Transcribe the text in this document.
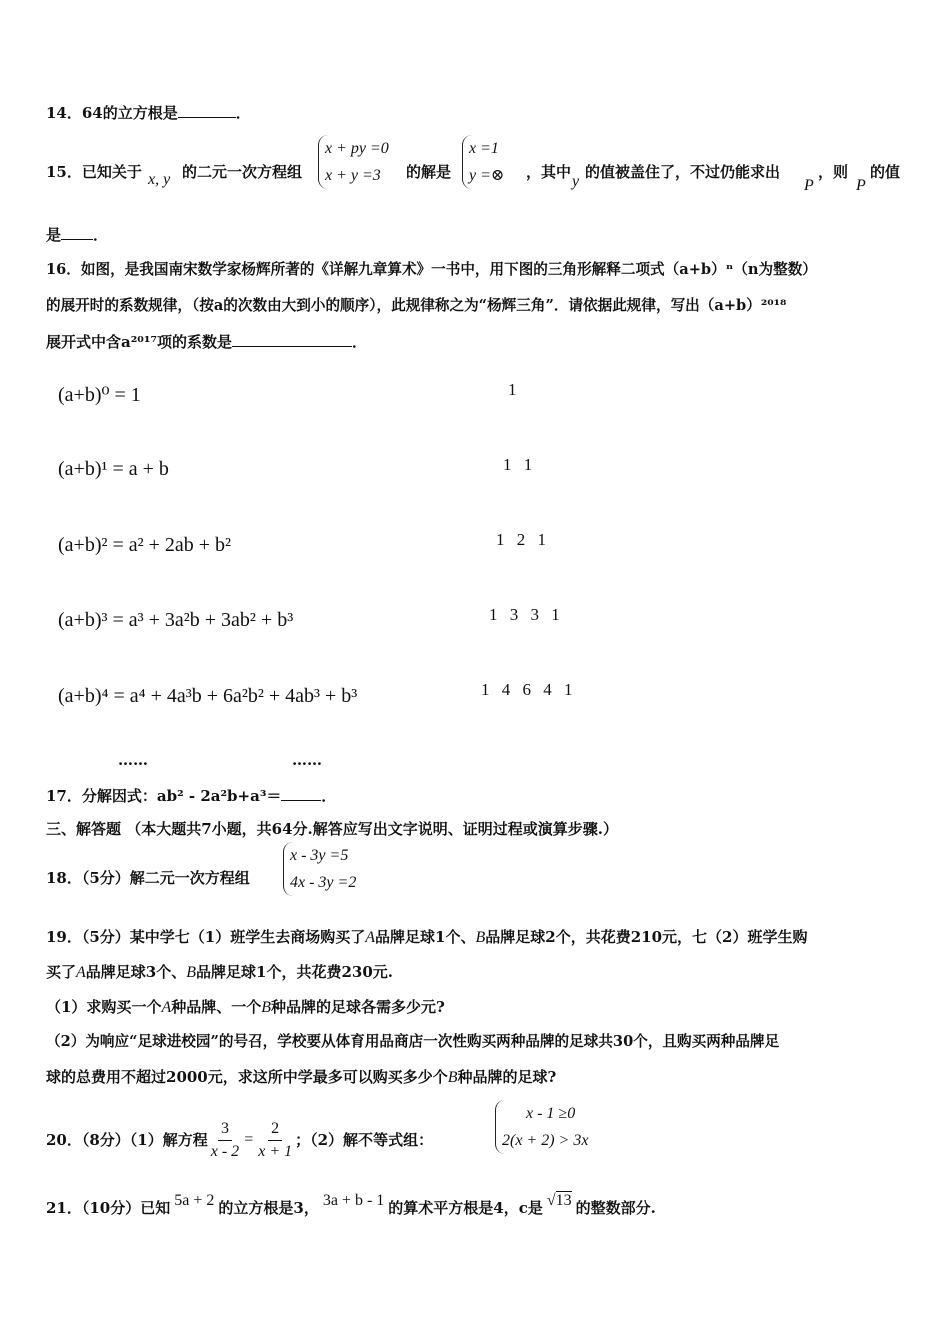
14．64的立方根是	．
15．已知关于 x, y 的二元一次方程组
x + py =0
x + y =3	的解是
x =1
y =⊗ ，其中
y
的值被盖住了，不过仍能求出
P
，则
P
的值
是 ．
16．如图，是我国南宋数学家杨辉所著的《详解九章算术》一书中，用下图的三角形解释二项式（a+b）ⁿ（n为整数）
的展开时的系数规律，（按a的次数由大到小的顺序），此规律称之为“杨辉三角”．请依据此规律，写出（a+b）²⁰¹⁸
展开式中含a²⁰¹⁷项的系数是	．
(a+b)⁰ = 1	1
(a+b)¹ = a + b	1 1
(a+b)² = a² + 2ab + b²	1 2 1
(a+b)³ = a³ + 3a²b + 3ab² + b³	1 3 3 1
(a+b)⁴ = a⁴ + 4a³b + 6a²b² + 4ab³ + b³	1 4 6 4 1
……	……
17．分解因式：ab² - 2a²b+a³＝	．
三、解答题 （本大题共7小题，共64分.解答应写出文字说明、证明过程或演算步骤.）
18．（5分）解二元一次方程组
x - 3y =5
4x - 3y =2
19．（5分）某中学七（1）班学生去商场购买了A品牌足球1个、B品牌足球2个，共花费210元，七（2）班学生购
买了A品牌足球3个、B品牌足球1个，共花费230元.
（1）求购买一个A种品牌、一个B种品牌的足球各需多少元?
（2）为响应“足球进校园”的号召，学校要从体育用品商店一次性购买两种品牌的足球共30个，且购买两种品牌足
球的总费用不超过2000元，求这所中学最多可以购买多少个B种品牌的足球?
20．（8分）（1）解方程 $\frac{3}{x - 2} = \frac{2}{x + 1}$ ；（2）解不等式组：
x - 1 ≥0
2(x + 2) > 3x
21．（10分）已知 5a + 2 的立方根是3， 3a + b - 1 的算术平方根是4，c是 √13 的整数部分.
